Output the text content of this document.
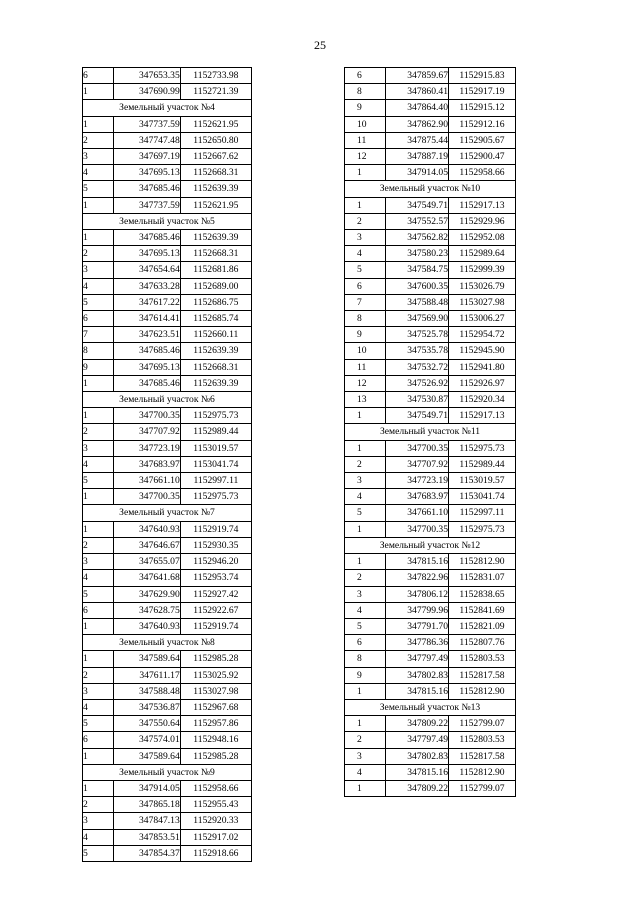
25
6	347653.35	1152733.98
1	347690.99	1152721.39
Земельный участок №4		
1	347737.59	1152621.95
2	347747.48	1152650.80
3	347697.19	1152667.62
4	347695.13	1152668.31
5	347685.46	1152639.39
1	347737.59	1152621.95
Земельный участок №5		
1	347685.46	1152639.39
2	347695.13	1152668.31
3	347654.64	1152681.86
4	347633.28	1152689.00
5	347617.22	1152686.75
6	347614.41	1152685.74
7	347623.51	1152660.11
8	347685.46	1152639.39
9	347695.13	1152668.31
1	347685.46	1152639.39
Земельный участок №6		
1	347700.35	1152975.73
2	347707.92	1152989.44
3	347723.19	1153019.57
4	347683.97	1153041.74
5	347661.10	1152997.11
1	347700.35	1152975.73
Земельный участок №7		
1	347640.93	1152919.74
2	347646.67	1152930.35
3	347655.07	1152946.20
4	347641.68	1152953.74
5	347629.90	1152927.42
6	347628.75	1152922.67
1	347640.93	1152919.74
Земельный участок №8		
1	347589.64	1152985.28
2	347611.17	1153025.92
3	347588.48	1153027.98
4	347536.87	1152967.68
5	347550.64	1152957.86
6	347574.01	1152948.16
1	347589.64	1152985.28
Земельный участок №9		
1	347914.05	1152958.66
2	347865.18	1152955.43
3	347847.13	1152920.33
4	347853.51	1152917.02
5	347854.37	1152918.66
6	347859.67	1152915.83
8	347860.41	1152917.19
9	347864.40	1152915.12
10	347862.90	1152912.16
11	347875.44	1152905.67
12	347887.19	1152900.47
1	347914.05	1152958.66
Земельный участок №10		
1	347549.71	1152917.13
2	347552.57	1152929.96
3	347562.82	1152952.08
4	347580.23	1152989.64
5	347584.75	1152999.39
6	347600.35	1153026.79
7	347588.48	1153027.98
8	347569.90	1153006.27
9	347525.78	1152954.72
10	347535.78	1152945.90
11	347532.72	1152941.80
12	347526.92	1152926.97
13	347530.87	1152920.34
1	347549.71	1152917.13
Земельный участок №11		
1	347700.35	1152975.73
2	347707.92	1152989.44
3	347723.19	1153019.57
4	347683.97	1153041.74
5	347661.10	1152997.11
1	347700.35	1152975.73
Земельный участок №12		
1	347815.16	1152812.90
2	347822.96	1152831.07
3	347806.12	1152838.65
4	347799.96	1152841.69
5	347791.70	1152821.09
6	347786.36	1152807.76
8	347797.49	1152803.53
9	347802.83	1152817.58
1	347815.16	1152812.90
Земельный участок №13		
1	347809.22	1152799.07
2	347797.49	1152803.53
3	347802.83	1152817.58
4	347815.16	1152812.90
1	347809.22	1152799.07
